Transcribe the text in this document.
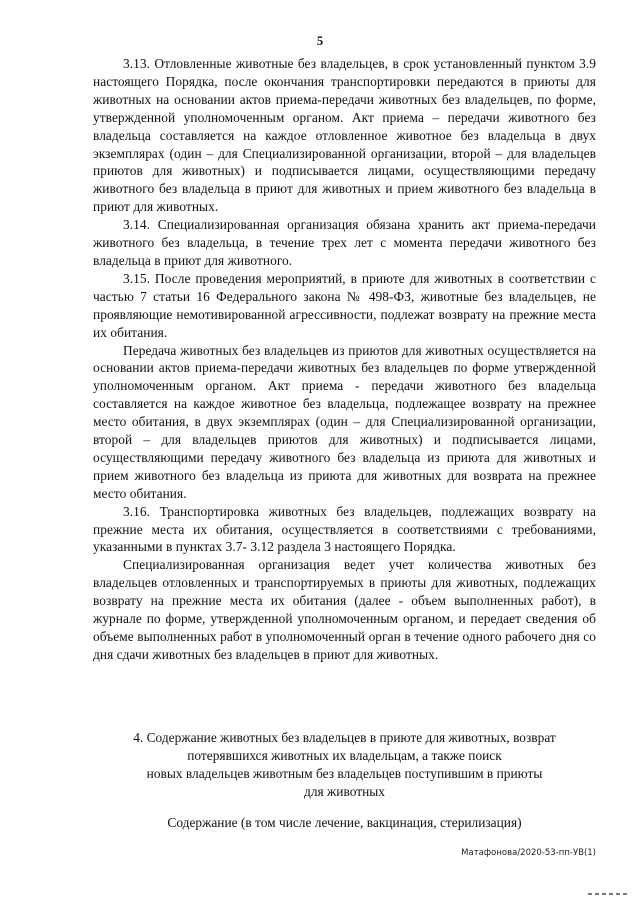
5

3.13. Отловленные животные без владельцев, в срок установленный пунктом 3.9 настоящего Порядка, после окончания транспортировки передаются в приюты для животных на основании актов приема-передачи животных без владельцев, по форме, утвержденной уполномоченным органом. Акт приема – передачи животного без владельца составляется на каждое отловленное животное без владельца в двух экземплярах (один – для Специализированной организации, второй – для владельцев приютов для животных) и подписывается лицами, осуществляющими передачу животного без владельца в приют для животных и прием животного без владельца в приют для животных.

3.14. Специализированная организация обязана хранить акт приема-передачи животного без владельца, в течение трех лет с момента передачи животного без владельца в приют для животного.

3.15. После проведения мероприятий, в приюте для животных в соответствии с частью 7 статьи 16 Федерального закона № 498-ФЗ, животные без владельцев, не проявляющие немотивированной агрессивности, подлежат возврату на прежние места их обитания.

Передача животных без владельцев из приютов для животных осуществляется на основании актов приема-передачи животных без владельцев по форме утвержденной уполномоченным органом. Акт приема - передачи животного без владельца составляется на каждое животное без владельца, подлежащее возврату на прежнее место обитания, в двух экземплярах (один – для Специализированной организации, второй – для владельцев приютов для животных) и подписывается лицами, осуществляющими передачу животного без владельца из приюта для животных и прием животного без владельца из приюта для животных для возврата на прежнее место обитания.

3.16. Транспортировка животных без владельцев, подлежащих возврату на прежние места их обитания, осуществляется в соответствиями с требованиями, указанными в пунктах 3.7- 3.12 раздела 3 настоящего Порядка.

Специализированная организация ведет учет количества животных без владельцев отловленных и транспортируемых в приюты для животных, подлежащих возврату на прежние места их обитания (далее - объем выполненных работ), в журнале по форме, утвержденной уполномоченным органом, и передает сведения об объеме выполненных работ в уполномоченный орган в течение одного рабочего дня со дня сдачи животных без владельцев в приют для животных.

4. Содержание животных без владельцев в приюте для животных, возврат
потерявшихся животных их владельцам, а также поиск
новых владельцев животным без владельцев поступившим в приюты
для животных
Содержание (в том числе лечение, вакцинация, стерилизация)
Матафонова/2020-53-пп-УВ(1)
